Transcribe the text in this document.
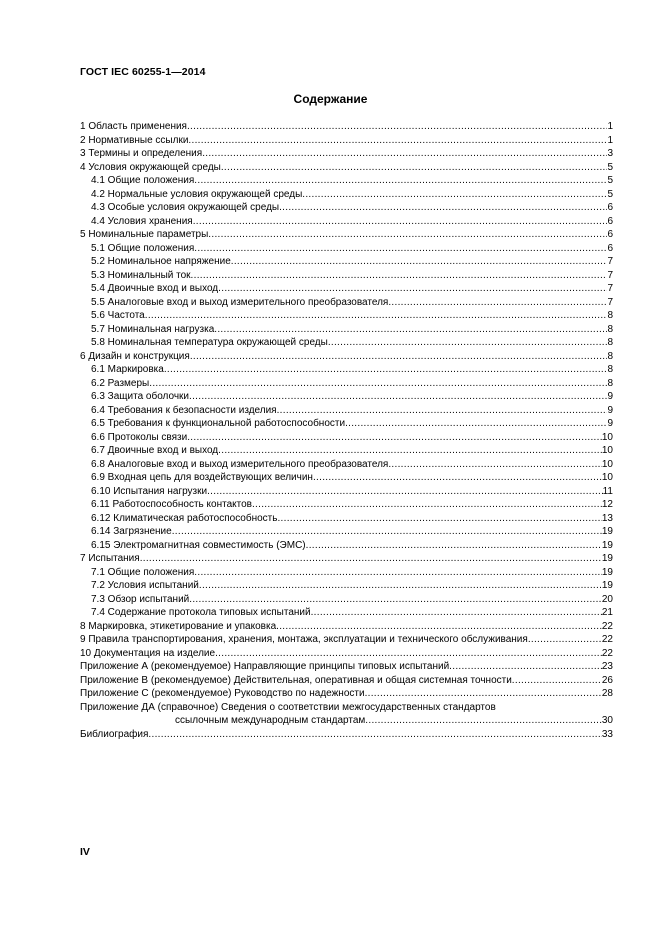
ГОСТ IEC 60255-1—2014
Содержание
1 Область применения .....	1
2 Нормативные ссылки .....	1
3 Термины и определения .....	3
4 Условия окружающей среды .....	5
4.1 Общие положения .....	5
4.2 Нормальные условия окружающей среды .....	5
4.3 Особые условия окружающей среды .....	6
4.4 Условия хранения .....	6
5 Номинальные параметры .....	6
5.1 Общие положения .....	6
5.2 Номинальное напряжение .....	7
5.3 Номинальный ток .....	7
5.4 Двоичные вход и выход .....	7
5.5 Аналоговые вход и выход измерительного преобразователя .....	7
5.6 Частота .....	8
5.7 Номинальная нагрузка .....	8
5.8 Номинальная температура окружающей среды .....	8
6 Дизайн и конструкция .....	8
6.1 Маркировка .....	8
6.2 Размеры .....	8
6.3 Защита оболочки .....	9
6.4 Требования к безопасности изделия .....	9
6.5 Требования к функциональной работоспособности .....	9
6.6 Протоколы связи .....	10
6.7 Двоичные вход и выход .....	10
6.8 Аналоговые вход и выход измерительного преобразователя .....	10
6.9 Входная цепь для воздействующих величин .....	10
6.10 Испытания нагрузки .....	11
6.11 Работоспособность контактов .....	12
6.12 Климатическая работоспособность .....	13
6.14 Загрязнение .....	19
6.15 Электромагнитная совместимость (ЭМС) .....	19
7 Испытания .....	19
7.1 Общие положения .....	19
7.2 Условия испытаний .....	19
7.3 Обзор испытаний .....	20
7.4 Содержание протокола типовых испытаний .....	21
8 Маркировка, этикетирование и упаковка .....	22
9 Правила транспортирования, хранения, монтажа, эксплуатации и технического обслуживания .....	22
10 Документация на изделие .....	22
Приложение А (рекомендуемое) Направляющие принципы типовых испытаний .....	23
Приложение В (рекомендуемое) Действительная, оперативная и общая системная точности .....	26
Приложение С (рекомендуемое) Руководство по надежности .....	28
Приложение ДА (справочное) Сведения о соответствии межгосударственных стандартов
ссылочным международным стандартам .....	30
Библиография .....	33
IV
